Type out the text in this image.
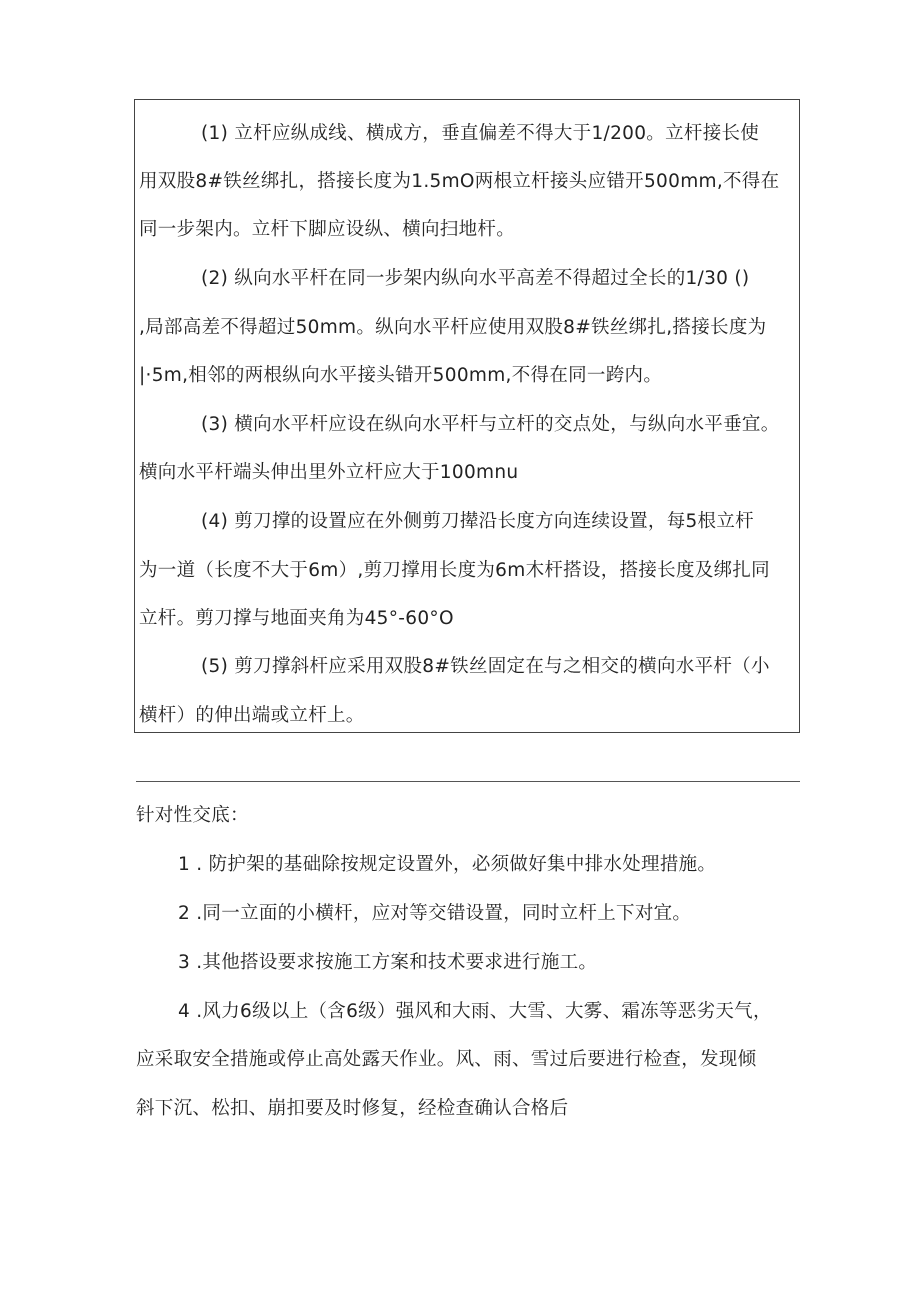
(1) 立杆应纵成线、横成方，垂直偏差不得大于1/200。立杆接长使
用双股8#铁丝绑扎，搭接长度为1.5mO两根立杆接头应错开500mm,不得在
同一步架内。立杆下脚应设纵、横向扫地杆。
(2) 纵向水平杆在同一步架内纵向水平高差不得超过全长的1/30 ()
,局部高差不得超过50mm。纵向水平杆应使用双股8#铁丝绑扎,搭接长度为
|·5m,相邻的两根纵向水平接头错开500mm,不得在同一跨内。
(3) 横向水平杆应设在纵向水平杆与立杆的交点处，与纵向水平垂宜。
横向水平杆端头伸出里外立杆应大于100mnu
(4) 剪刀撑的设置应在外侧剪刀撵沿长度方向连续设置，每5根立杆
为一道（长度不大于6m）,剪刀撑用长度为6m木杆搭设，搭接长度及绑扎同
立杆。剪刀撑与地面夹角为45°-60°O
(5) 剪刀撑斜杆应采用双股8#铁丝固定在与之相交的横向水平杆（小
横杆）的伸出端或立杆上。
针对性交底：
1 . 防护架的基础除按规定设置外，必须做好集中排水处理措施。
2 .同一立面的小横杆，应对等交错设置，同时立杆上下对宜。
3 .其他搭设要求按施工方案和技术要求进行施工。
4 .风力6级以上（含6级）强风和大雨、大雪、大雾、霜冻等恶劣天气，
应采取安全措施或停止高处露天作业。风、雨、雪过后要进行检查，发现倾
斜下沉、松扣、崩扣要及时修复，经检查确认合格后
